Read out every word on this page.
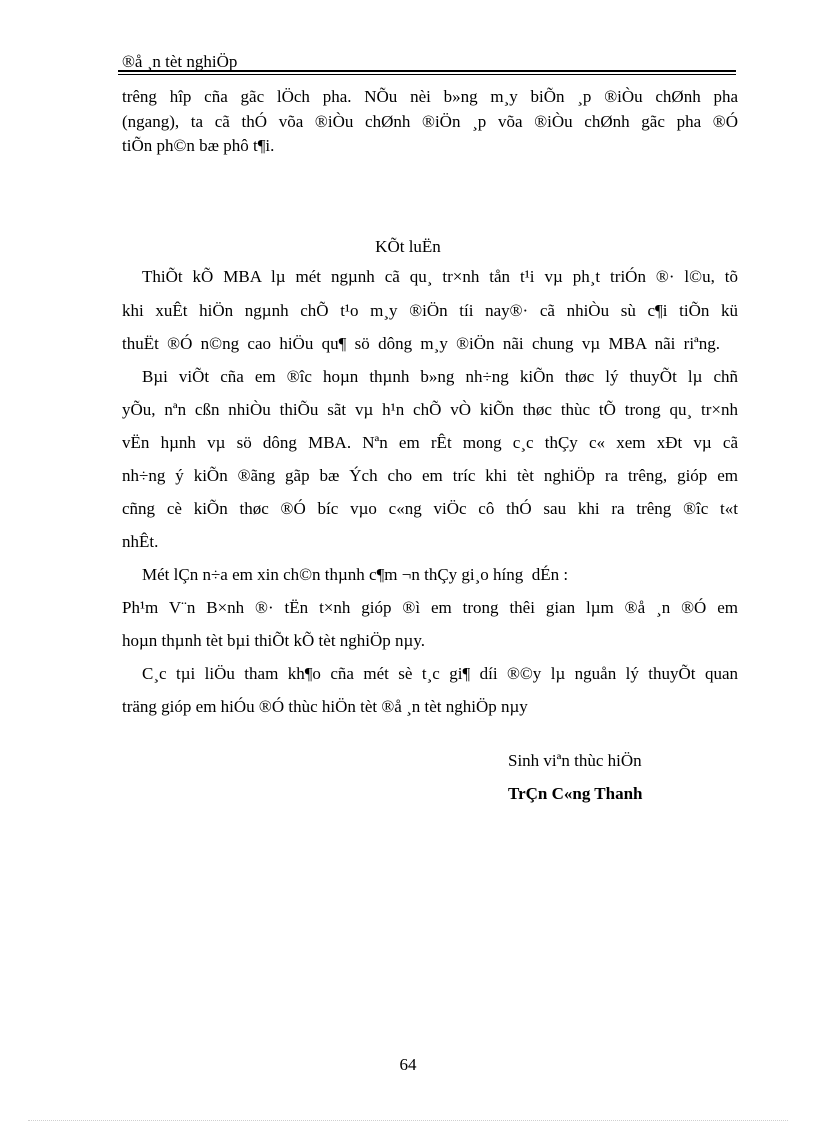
®å ¸n tèt nghiÖp
trêng hîp cña gãc lÖch pha. NÕu nèi b»ng m¸y biÕn ¸p ®iÒu chØnh pha
(ngang), ta cã thÓ võa ®iÒu chØnh ®iÖn ¸p võa ®iÒu chØnh gãc pha ®Ó
tiÕn ph©n bæ phô t¶i.
KÕt luËn
ThiÕt kÕ MBA lµ mét ngµnh cã qu¸ tr×nh tån t¹i vµ ph¸t triÓn ®· l©u, tõ
khi xuÊt hiÖn ngµnh chÕ t¹o m¸y ®iÖn tíi nay®· cã nhiÒu sù c¶i tiÕn kü
thuËt ®Ó n©ng cao hiÖu qu¶ sö dông m¸y ®iÖn nãi chung vµ MBA nãi riªng.
Bµi viÕt cña em ®îc hoµn thµnh b»ng nh÷ng kiÕn thøc lý thuyÕt lµ chñ
yÕu, nªn cßn nhiÒu thiÕu sãt vµ h¹n chÕ vÒ kiÕn thøc thùc tÕ trong qu¸ tr×nh
vËn hµnh vµ sö dông MBA. Nªn em rÊt mong c¸c thÇy c« xem xÐt vµ cã
nh÷ng ý kiÕn ®ãng gãp bæ Ých cho em tríc khi tèt nghiÖp ra trêng, gióp em
cñng cè kiÕn thøc ®Ó bíc vµo c«ng viÖc cô thÓ sau khi ra trêng ®îc t«t
nhÊt.
Mét lÇn n÷a em xin ch©n thµnh c¶m ¬n thÇy gi¸o híng  dÉn :
Ph¹m V¨n B×nh ®· tËn t×nh gióp ®ì em trong thêi gian lµm ®å ¸n ®Ó em
hoµn thµnh tèt bµi thiÕt kÕ tèt nghiÖp nµy.
C¸c tµi liÖu tham kh¶o cña mét sè t¸c gi¶ díi ®©y lµ nguån lý thuyÕt quan
träng gióp em hiÓu ®Ó thùc hiÖn tèt ®å ¸n tèt nghiÖp nµy
Sinh viªn thùc hiÖn
TrÇn C«ng Thanh
64
